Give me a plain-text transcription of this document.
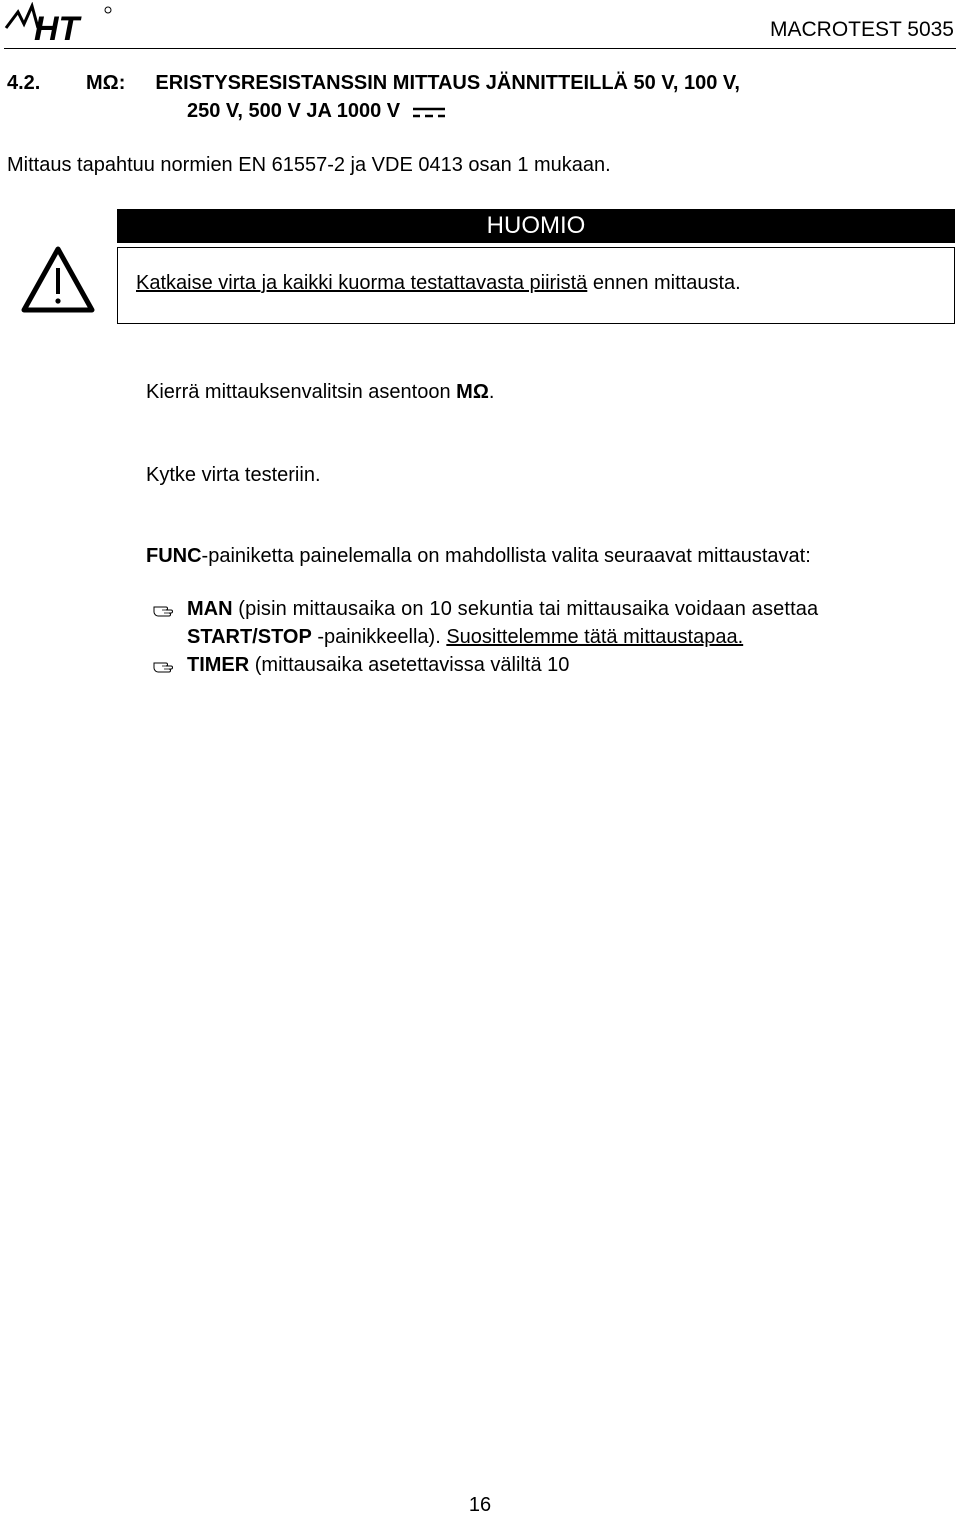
HT	MACROTEST 5035
4.2. MΩ: ERISTYSRESISTANSSIN MITTAUS JÄNNITTEILLÄ 50 V, 100 V,
250 V, 500 V JA 1000 V
Mittaus tapahtuu normien EN 61557-2 ja VDE 0413 osan 1 mukaan.
HUOMIO
Katkaise virta ja kaikki kuorma testattavasta piiristä ennen mittausta.
Kierrä mittauksenvalitsin asentoon MΩ.
Kytke virta testeriin.
FUNC-painiketta painelemalla on mahdollista valita seuraavat mittaustavat:
MAN (pisin mittausaika on 10 sekuntia tai mittausaika voidaan asettaa
START/STOP -painikkeella). Suosittelemme tätä mittaustapaa.
TIMER (mittausaika asetettavissa väliltä 10
16
